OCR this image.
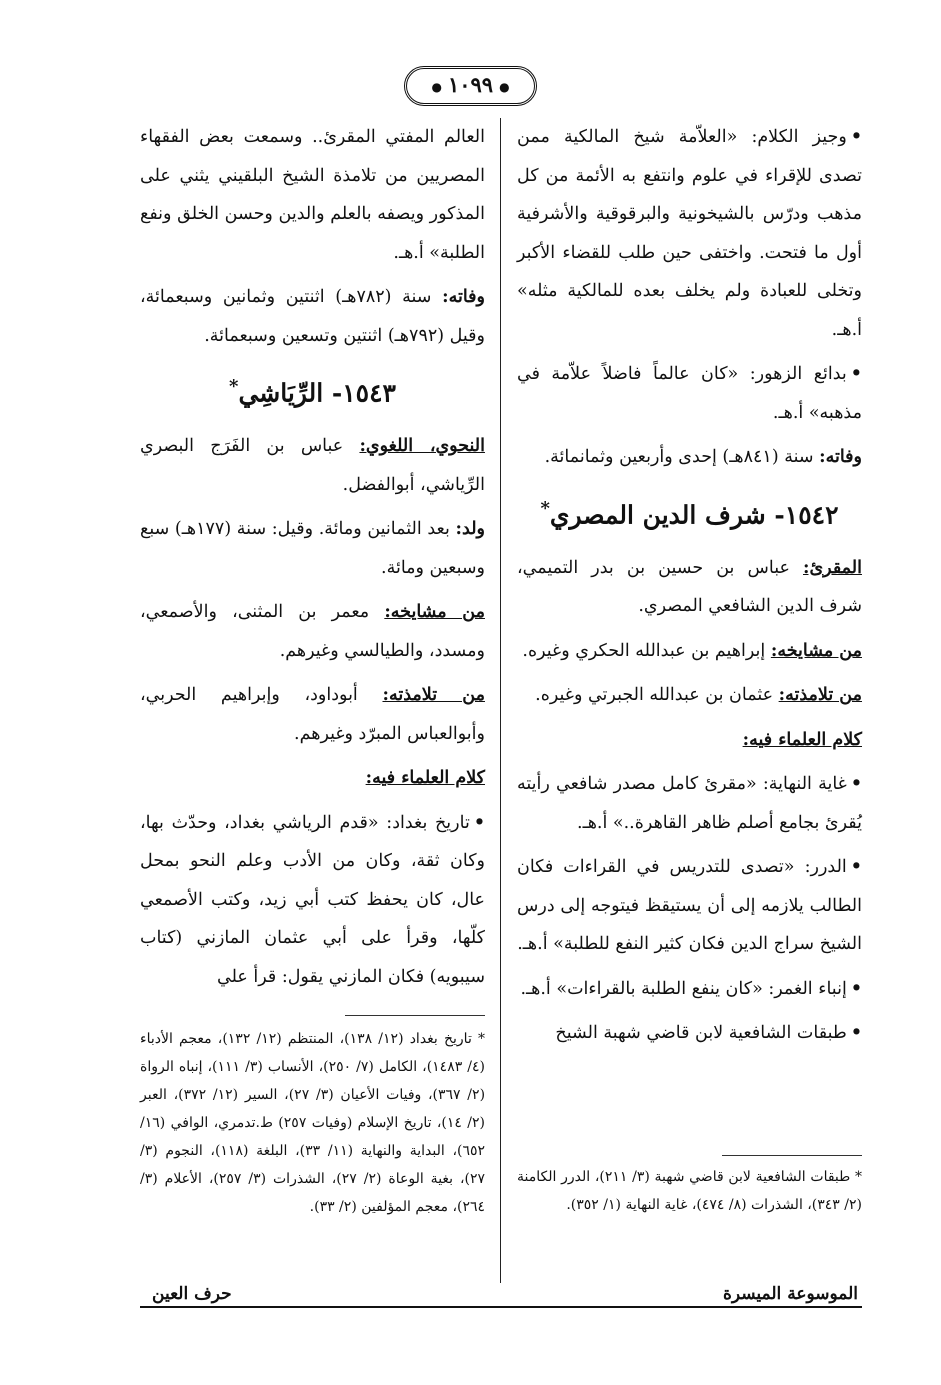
● ١٠٩٩ ●

•وجيز الكلام: «العلاّمة شيخ المالكية ممن تصدى للإقراء في علوم وانتفع به الأئمة من كل مذهب ودرّس بالشيخونية والبرقوقية والأشرفية أول ما فتحت. واختفى حين طلب للقضاء الأكبر وتخلى للعبادة ولم يخلف بعده للمالكية مثله» أ.هـ.

•بدائع الزهور: «كان عالماً فاضلاً علاّمة في مذهبه» أ.هـ.

وفاته: سنة (٨٤١هـ) إحدى وأربعين وثمانمائة.

١٥٤٢- شرف الدين المصري*

المقرئ: عباس بن حسين بن بدر التميمي، شرف الدين الشافعي المصري.

من مشايخه: إبراهيم بن عبدالله الحكري وغيره.

من تلامذته: عثمان بن عبدالله الجبرتي وغيره.

كلام العلماء فيه:

•غاية النهاية: «مقرئ كامل مصدر شافعي رأيته يُقرئ بجامع أصلم ظاهر القاهرة..» أ.هـ.

•الدرر: «تصدى للتدريس في القراءات فكان الطالب يلازمه إلى أن يستيقظ فيتوجه إلى درس الشيخ سراج الدين فكان كثير النفع للطلبة» أ.هـ.

•إنباء الغمر: «كان ينفع الطلبة بالقراءات» أ.هـ.

•طبقات الشافعية لابن قاضي شهبة الشيخ

العالم المفتي المقرئ.. وسمعت بعض الفقهاء المصريين من تلامذة الشيخ البلقيني يثني على المذكور ويصفه بالعلم والدين وحسن الخلق ونفع الطلبة» أ.هـ.

وفاته: سنة (٧٨٢هـ) اثنتين وثمانين وسبعمائة، وقيل (٧٩٢هـ) اثنتين وتسعين وسبعمائة.

١٥٤٣- الرِّيَاشِي*

النحوي، اللغوي: عباس بن الفَرَج البصري الرِّياشي، أبوالفضل.

ولد: بعد الثمانين ومائة. وقيل: سنة (١٧٧هـ) سبع وسبعين ومائة.

من مشايخه: معمر بن المثنى، والأصمعي، ومسدد، والطيالسي وغيرهم.

من تلامذته: أبوداود، وإبراهيم الحربي، وأبوالعباس المبرّد وغيرهم.

كلام العلماء فيه:

•تاريخ بغداد: «قدم الرياشي بغداد، وحدّث بها، وكان ثقة، وكان من الأدب وعلم النحو بمحل عال، كان يحفظ كتب أبي زيد، وكتب الأصمعي كلّها، وقرأ على أبي عثمان المازني (كتاب سيبويه) فكان المازني يقول: قرأ علي

* تاريخ بغداد (١٢/ ١٣٨)، المنتظم (١٢/ ١٣٢)، معجم الأدباء (٤/ ١٤٨٣)، الكامل (٧/ ٢٥٠)، الأنساب (٣/ ١١١)، إنباه الرواة (٢/ ٣٦٧)، وفيات الأعيان (٣/ ٢٧)، السير (١٢/ ٣٧٢)، العبر (٢/ ١٤)، تاريخ الإسلام (وفيات ٢٥٧) ط.تدمري، الوافي (١٦/ ٦٥٢)، البداية والنهاية (١١/ ٣٣)، البلغة (١١٨)، النجوم (٣/ ٢٧)، بغية الوعاة (٢/ ٢٧)، الشذرات (٣/ ٢٥٧)، الأعلام (٣/ ٢٦٤)، معجم المؤلفين (٢/ ٣٣).
* طبقات الشافعية لابن قاضي شهبة (٣/ ٢١١)، الدرر الكامنة (٢/ ٣٤٣)، الشذرات (٨/ ٤٧٤)، غاية النهاية (١/ ٣٥٢).
الموسوعة الميسرة
حرف العين
